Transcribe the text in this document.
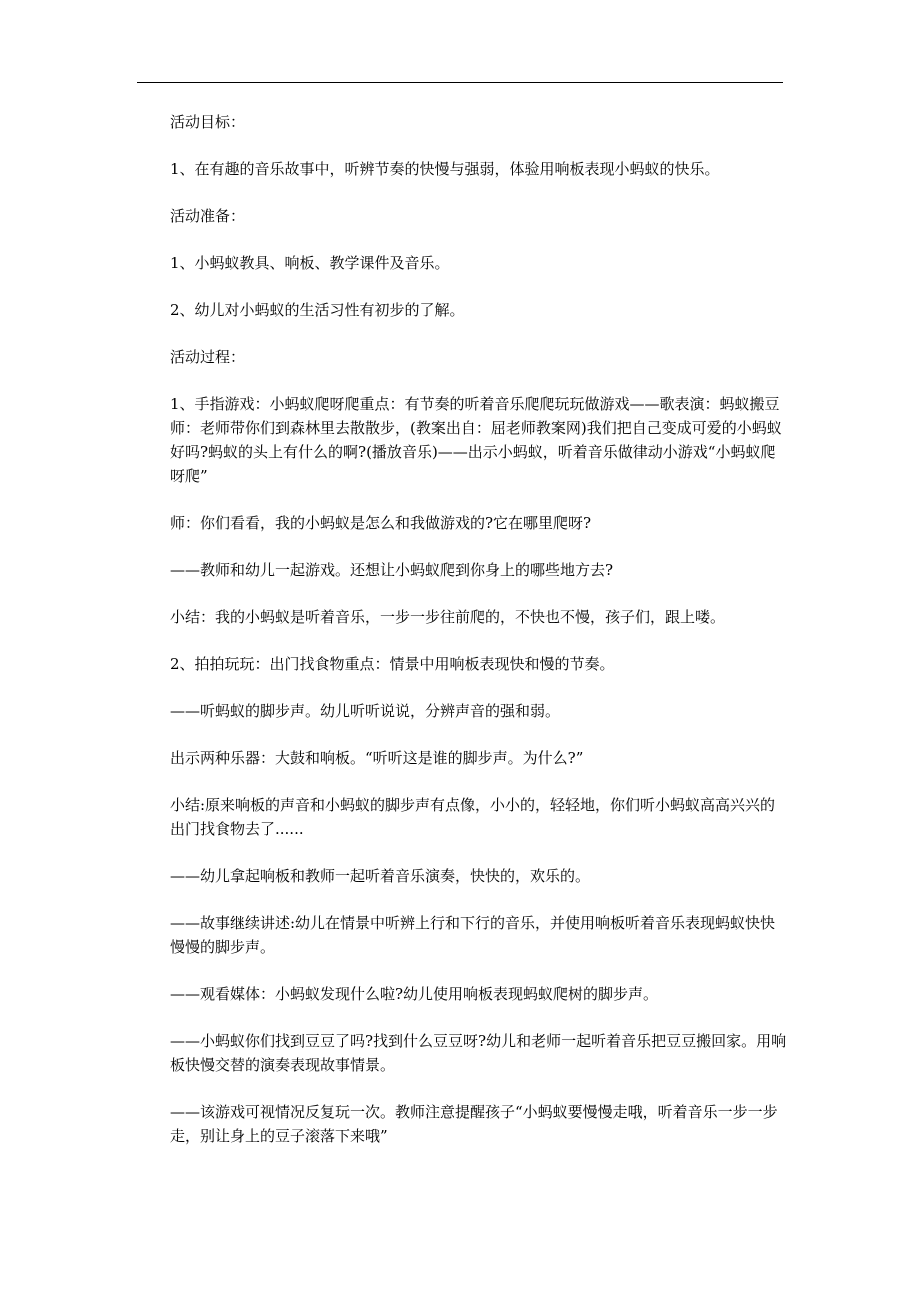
活动目标：

1、在有趣的音乐故事中，听辨节奏的快慢与强弱，体验用响板表现小蚂蚁的快乐。

活动准备：

1、小蚂蚁教具、响板、教学课件及音乐。

2、幼儿对小蚂蚁的生活习性有初步的了解。

活动过程：

1、手指游戏：小蚂蚁爬呀爬重点：有节奏的听着音乐爬爬玩玩做游戏——歌表演：蚂蚁搬豆师：老师带你们到森林里去散散步，(教案出自：屈老师教案网)我们把自己变成可爱的小蚂蚁好吗?蚂蚁的头上有什么的啊?(播放音乐)——出示小蚂蚁，听着音乐做律动小游戏“小蚂蚁爬呀爬”

师：你们看看，我的小蚂蚁是怎么和我做游戏的?它在哪里爬呀?

——教师和幼儿一起游戏。还想让小蚂蚁爬到你身上的哪些地方去?

小结：我的小蚂蚁是听着音乐，一步一步往前爬的，不快也不慢，孩子们，跟上喽。

2、拍拍玩玩：出门找食物重点：情景中用响板表现快和慢的节奏。

——听蚂蚁的脚步声。幼儿听听说说，分辨声音的强和弱。

出示两种乐器：大鼓和响板。“听听这是谁的脚步声。为什么?”

小结:原来响板的声音和小蚂蚁的脚步声有点像，小小的，轻轻地，你们听小蚂蚁高高兴兴的出门找食物去了......

——幼儿拿起响板和教师一起听着音乐演奏，快快的，欢乐的。

——故事继续讲述:幼儿在情景中听辨上行和下行的音乐，并使用响板听着音乐表现蚂蚁快快慢慢的脚步声。

——观看媒体：小蚂蚁发现什么啦?幼儿使用响板表现蚂蚁爬树的脚步声。

——小蚂蚁你们找到豆豆了吗?找到什么豆豆呀?幼儿和老师一起听着音乐把豆豆搬回家。用响板快慢交替的演奏表现故事情景。

——该游戏可视情况反复玩一次。教师注意提醒孩子“小蚂蚁要慢慢走哦，听着音乐一步一步走，别让身上的豆子滚落下来哦”
